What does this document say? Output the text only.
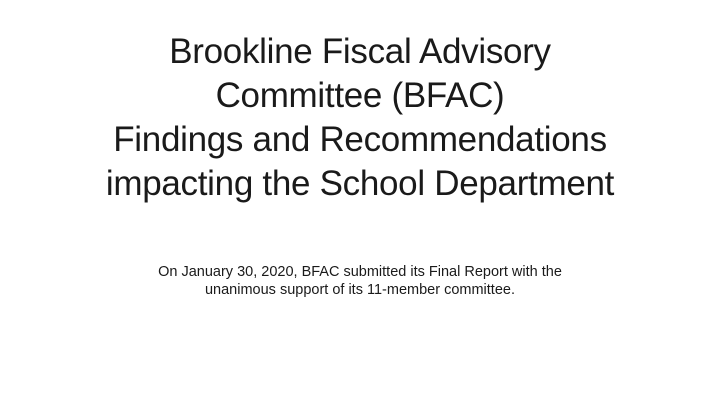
Brookline Fiscal Advisory
Committee (BFAC)
Findings and Recommendations
impacting the School Department
On January 30, 2020, BFAC submitted its Final Report with the
unanimous support of its 11-member committee.
